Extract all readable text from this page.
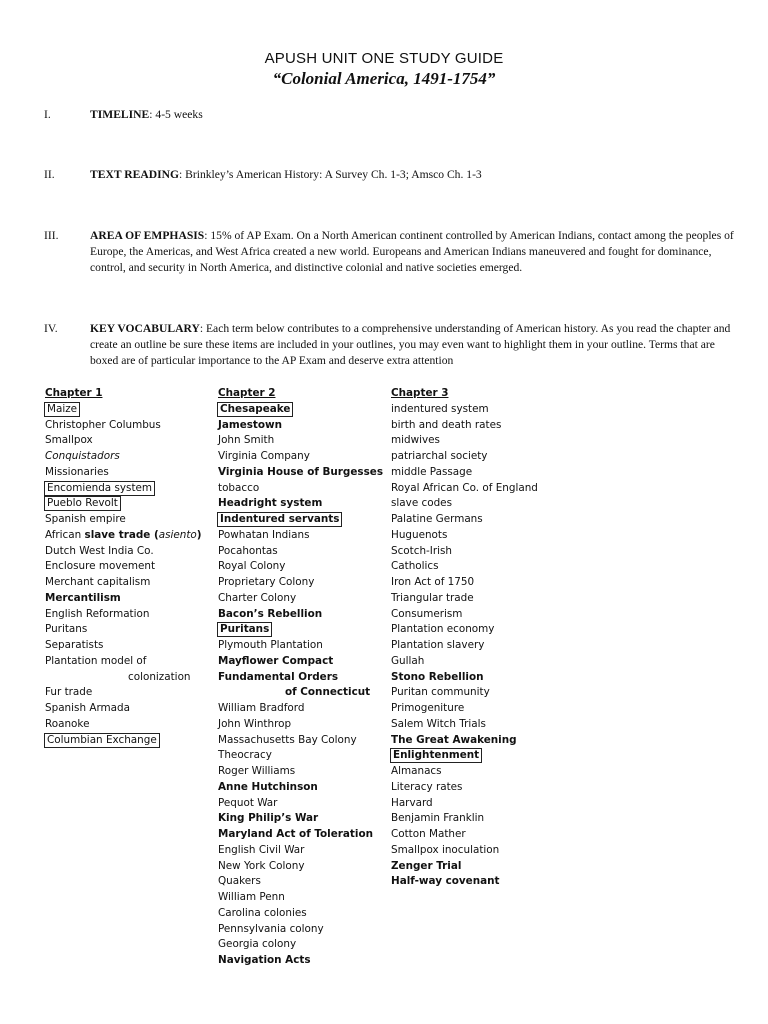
APUSH UNIT ONE STUDY GUIDE
“Colonial America, 1491-1754”
I.	TIMELINE: 4-5 weeks
II.	TEXT READING: Brinkley’s American History: A Survey Ch. 1-3; Amsco Ch. 1-3
III.	AREA OF EMPHASIS: 15% of AP Exam. On a North American continent controlled by American Indians, contact among the peoples of Europe, the Americas, and West Africa created a new world. Europeans and American Indians maneuvered and fought for dominance, control, and security in North America, and distinctive colonial and native societies emerged.
IV.	KEY VOCABULARY: Each term below contributes to a comprehensive understanding of American history. As you read the chapter and create an outline be sure these items are included in your outlines, you may even want to highlight them in your outline. Terms that are boxed are of particular importance to the AP Exam and deserve extra attention
Chapter 1
Maize
Christopher Columbus
Smallpox
Conquistadors
Missionaries
Encomienda system
Pueblo Revolt
Spanish empire
African slave trade (asiento)
Dutch West India Co.
Enclosure movement
Merchant capitalism
Mercantilism
English Reformation
Puritans
Separatists
Plantation model of
colonization
Fur trade
Spanish Armada
Roanoke
Columbian Exchange
Chapter 2
Chesapeake
Jamestown
John Smith
Virginia Company
Virginia House of Burgesses
tobacco
Headright system
Indentured servants
Powhatan Indians
Pocahontas
Royal Colony
Proprietary Colony
Charter Colony
Bacon’s Rebellion
Puritans
Plymouth Plantation
Mayflower Compact
Fundamental Orders
of Connecticut
William Bradford
John Winthrop
Massachusetts Bay Colony
Theocracy
Roger Williams
Anne Hutchinson
Pequot War
King Philip’s War
Maryland Act of Toleration
English Civil War
New York Colony
Quakers
William Penn
Carolina colonies
Pennsylvania colony
Georgia colony
Navigation Acts
Chapter 3
indentured system
birth and death rates
midwives
patriarchal society
middle Passage
Royal African Co. of England
slave codes
Palatine Germans
Huguenots
Scotch-Irish
Catholics
Iron Act of 1750
Triangular trade
Consumerism
Plantation economy
Plantation slavery
Gullah
Stono Rebellion
Puritan community
Primogeniture
Salem Witch Trials
The Great Awakening
Enlightenment
Almanacs
Literacy rates
Harvard
Benjamin Franklin
Cotton Mather
Smallpox inoculation
Zenger Trial
Half-way covenant
